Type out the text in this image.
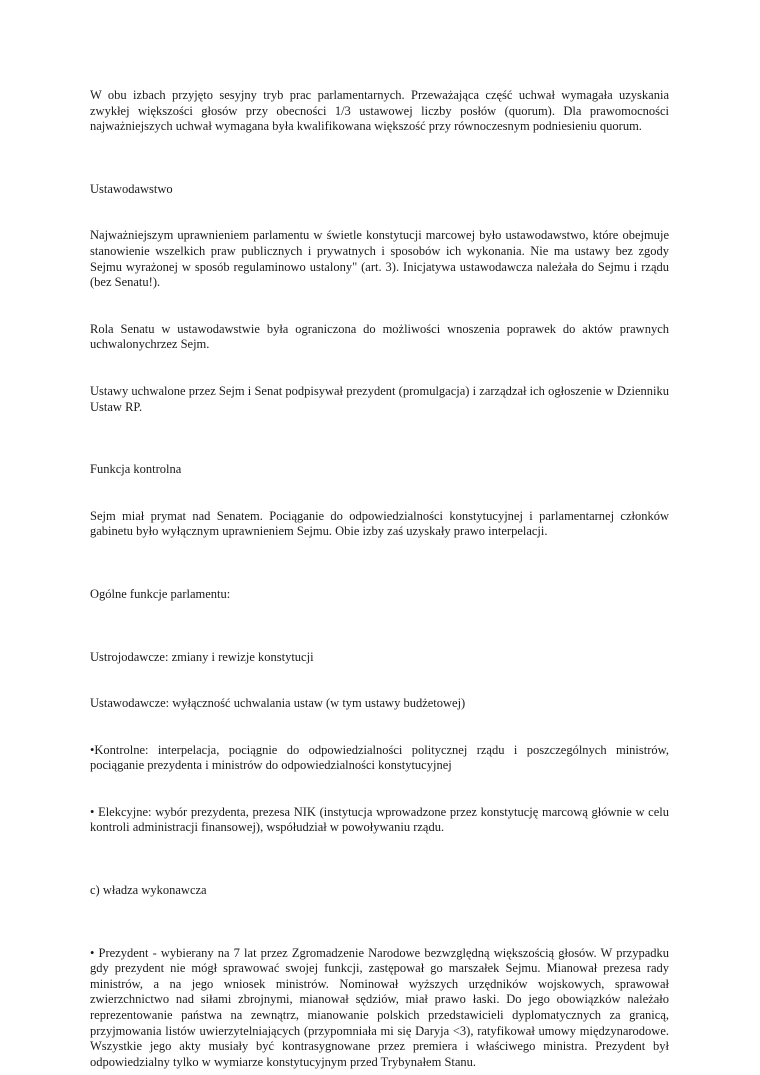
W obu izbach przyjęto sesyjny tryb prac parlamentarnych. Przeważająca część uchwał wymagała uzyskania zwykłej większości głosów przy obecności 1/3 ustawowej liczby posłów (quorum). Dla prawomocności najważniejszych uchwał wymagana była kwalifikowana większość przy równoczesnym podniesieniu quorum.

Ustawodawstwo

Najważniejszym uprawnieniem parlamentu w świetle konstytucji marcowej było ustawodawstwo, które obejmuje stanowienie wszelkich praw publicznych i prywatnych i sposobów ich wykonania. Nie ma ustawy bez zgody Sejmu wyrażonej w sposób regulaminowo ustalony" (art. 3). Inicjatywa ustawodawcza należała do Sejmu i rządu (bez Senatu!).

Rola Senatu w ustawodawstwie była ograniczona do możliwości wnoszenia poprawek do aktów prawnych uchwalonychrzez Sejm.

Ustawy uchwalone przez Sejm i Senat podpisywał prezydent (promulgacja) i zarządzał ich ogłoszenie w Dzienniku Ustaw RP.

Funkcja kontrolna

Sejm miał prymat nad Senatem. Pociąganie do odpowiedzialności konstytucyjnej i parlamentarnej członków gabinetu było wyłącznym uprawnieniem Sejmu. Obie izby zaś uzyskały prawo interpelacji.

Ogólne funkcje parlamentu:

Ustrojodawcze: zmiany i rewizje konstytucji

Ustawodawcze: wyłączność uchwalania ustaw (w tym ustawy budżetowej)

•Kontrolne: interpelacja, pociągnie do odpowiedzialności politycznej rządu i poszczególnych ministrów, pociąganie prezydenta i ministrów do odpowiedzialności konstytucyjnej

• Elekcyjne: wybór prezydenta, prezesa NIK (instytucja wprowadzone przez konstytucję marcową głównie w celu kontroli administracji finansowej), współudział w powoływaniu rządu.

c) władza wykonawcza

• Prezydent - wybierany na 7 lat przez Zgromadzenie Narodowe bezwzględną większością głosów. W przypadku gdy prezydent nie mógł sprawować swojej funkcji, zastępował go marszałek Sejmu. Mianował prezesa rady ministrów, a na jego wniosek ministrów. Nominował wyższych urzędników wojskowych, sprawował zwierzchnictwo nad siłami zbrojnymi, mianował sędziów, miał prawo łaski. Do jego obowiązków należało reprezentowanie państwa na zewnątrz, mianowanie polskich przedstawicieli dyplomatycznych za granicą, przyjmowania listów uwierzytelniających (przypomniała mi się Daryja <3), ratyfikował umowy międzynarodowe. Wszystkie jego akty musiały być kontrasygnowane przez premiera i właściwego ministra. Prezydent był odpowiedzialny tylko w wymiarze konstytucyjnym przed Trybynałem Stanu.
